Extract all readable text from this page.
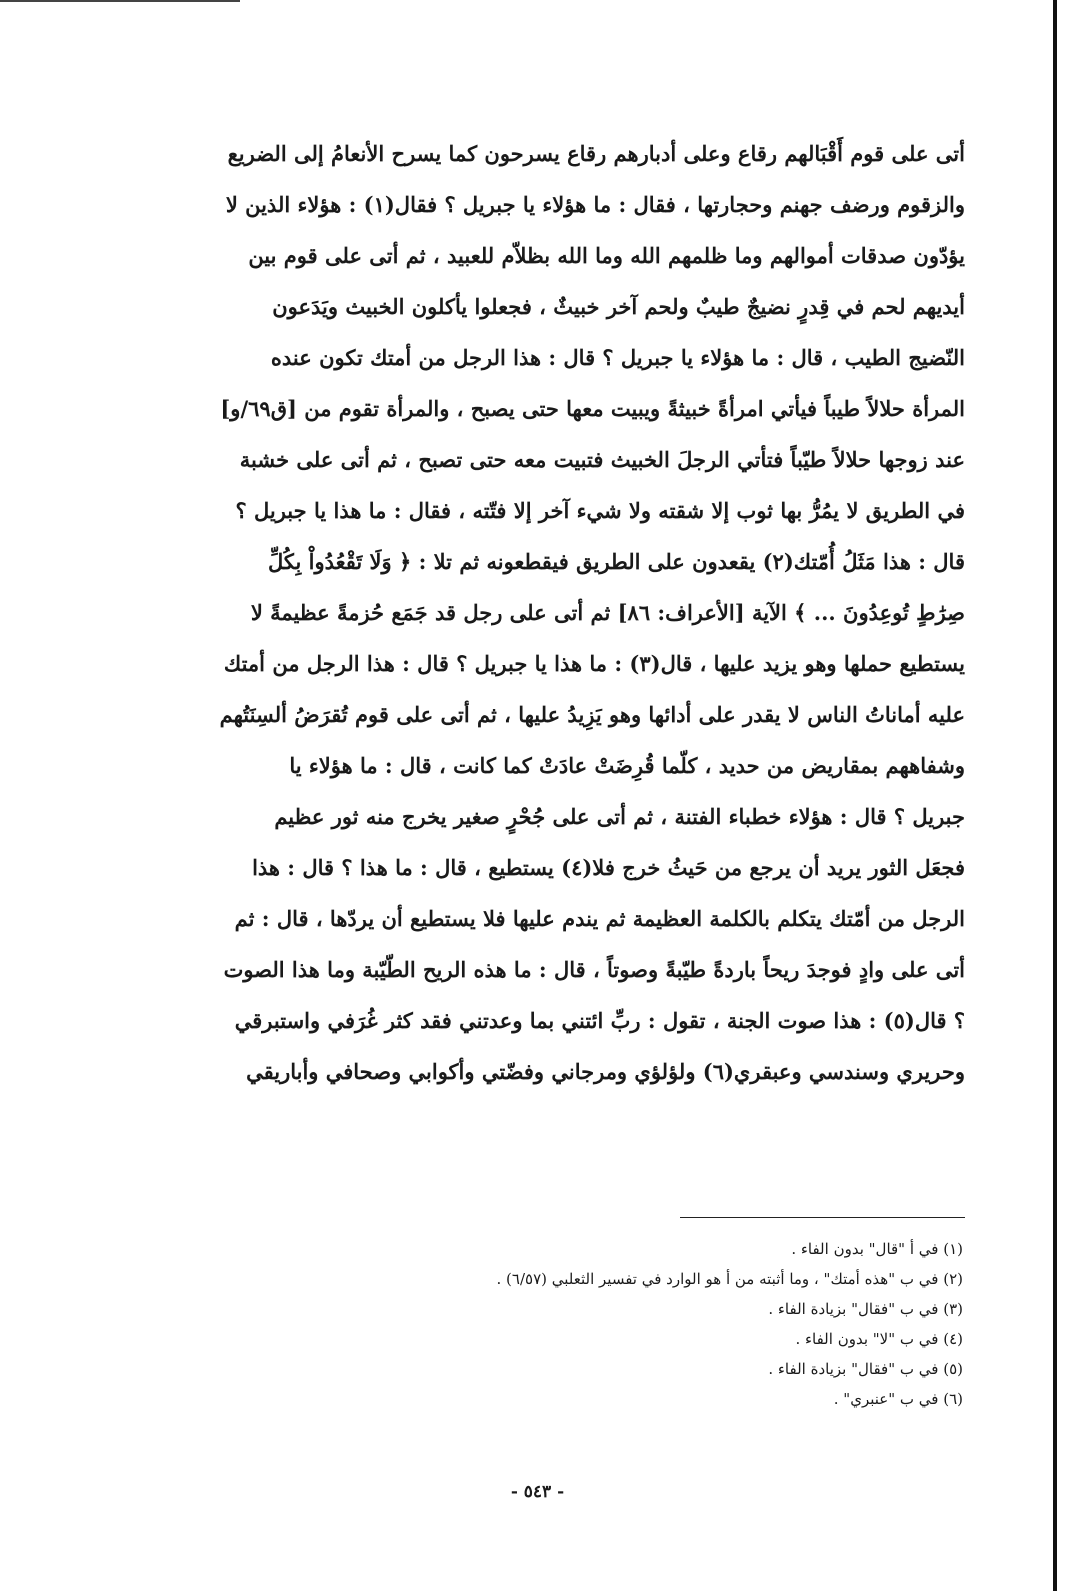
أتى على قوم أَقْبَالهم رقاع وعلى أدبارهم رقاع يسرحون كما يسرح الأنعامُ إلى الضريع
والزقوم ورضف جهنم وحجارتها ، فقال : ما هؤلاء يا جبريل ؟ فقال(١) : هؤلاء الذين لا
يؤدّون صدقات أموالهم وما ظلمهم الله وما الله بظلاّم للعبيد ، ثم أتى على قوم بين
أيديهم لحم في قِدرٍ نضيجٌ طيبٌ ولحم آخر خبيثٌ ، فجعلوا يأكلون الخبيث ويَدَعون
النّضيج الطيب ، قال : ما هؤلاء يا جبريل ؟ قال : هذا الرجل من أمتك تكون عنده
المرأة حلالاً طيباً فيأتي امرأةً خبيثةً ويبيت معها حتى يصبح ، والمرأة تقوم من [ق٦٩/و]
عند زوجها حلالاً طيّباً فتأتي الرجلَ الخبيث فتبيت معه حتى تصبح ، ثم أتى على خشبة
في الطريق لا يمُرُّ بها ثوب إلا شقته ولا شيء آخر إلا فتّته ، فقال : ما هذا يا جبريل ؟
قال : هذا مَثَلُ أُمّتك(٢) يقعدون على الطريق فيقطعونه ثم تلا : ﴿ وَلَا تَقْعُدُواْ بِكُلِّ
صِرَٰطٍ تُوعِدُونَ ... ﴾ الآية [الأعراف: ٨٦] ثم أتى على رجل قد جَمَع حُزمةً عظيمةً لا
يستطيع حملها وهو يزيد عليها ، قال(٣) : ما هذا يا جبريل ؟ قال : هذا الرجل من أمتك
عليه أماناتُ الناس لا يقدر على أدائها وهو يَزِيدُ عليها ، ثم أتى على قوم تُقرَضُ ألسِنَتُهم
وشفاههم بمقاريض من حديد ، كلّما قُرِضَتْ عادَتْ كما كانت ، قال : ما هؤلاء يا
جبريل ؟ قال : هؤلاء خطباء الفتنة ، ثم أتى على جُحْرٍ صغير يخرج منه ثور عظيم
فجعَل الثور يريد أن يرجع من حَيثُ خرج فلا(٤) يستطيع ، قال : ما هذا ؟ قال : هذا
الرجل من أمّتك يتكلم بالكلمة العظيمة ثم يندم عليها فلا يستطيع أن يردّها ، قال : ثم
أتى على وادٍ فوجدَ ريحاً باردةً طيّبةً وصوتاً ، قال : ما هذه الريح الطّيّبة وما هذا الصوت
؟ قال(٥) : هذا صوت الجنة ، تقول : ربِّ ائتني بما وعدتني فقد كثر غُرَفي واستبرقي
وحريري وسندسي وعبقري(٦) ولؤلؤي ومرجاني وفضّتي وأكوابي وصحافي وأباريقي
(١) في أ "قال" بدون الفاء .
(٢) في ب "هذه أمتك" ، وما أثبته من أ هو الوارد في تفسير الثعلبي (٦/٥٧) .
(٣) في ب "فقال" بزيادة الفاء .
(٤) في ب "لا" بدون الفاء .
(٥) في ب "فقال" بزيادة الفاء .
(٦) في ب "عنبري" .
- ٥٤٣ -
